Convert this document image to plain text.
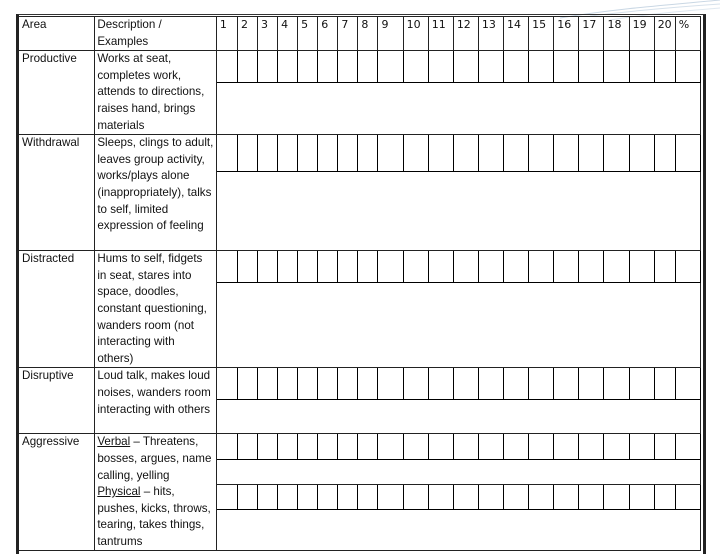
Area	Description / Examples	1	2	3	4	5	6	7	8	9	10	11	12	13	14	15	16	17	18	19	20	%
Productive	Works at seat, completes work, attends to directions, raises hand, brings materials																					

Withdrawal	Sleeps, clings to adult, leaves group activity, works/plays alone (inappropriately), talks to self, limited expression of feeling																					

Distracted	Hums to self, fidgets in seat, stares into space, doodles, constant questioning, wanders room (not interacting with others)																					

Disruptive	Loud talk, makes loud noises, wanders room interacting with others																					

Aggressive	Verbal – Threatens, bosses, argues, name calling, yelling
Physical – hits, pushes, kicks, throws, tearing, takes things, tantrums																					
